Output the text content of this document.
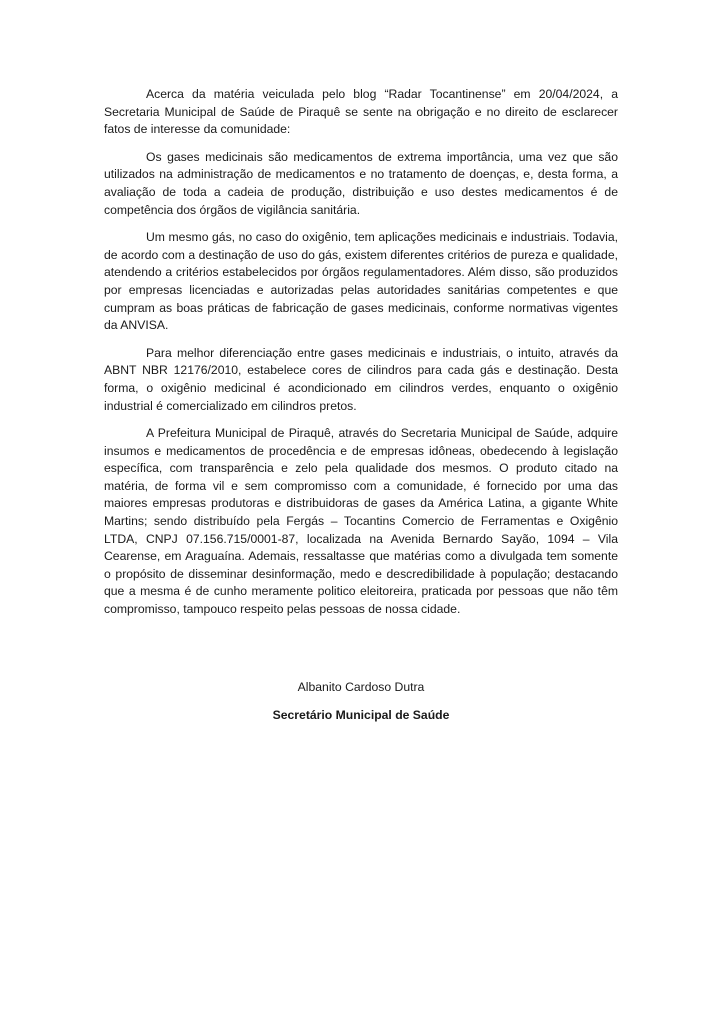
Acerca da matéria veiculada pelo blog “Radar Tocantinense” em 20/04/2024, a Secretaria Municipal de Saúde de Piraquê se sente na obrigação e no direito de esclarecer fatos de interesse da comunidade:

Os gases medicinais são medicamentos de extrema importância, uma vez que são utilizados na administração de medicamentos e no tratamento de doenças, e, desta forma, a avaliação de toda a cadeia de produção, distribuição e uso destes medicamentos é de competência dos órgãos de vigilância sanitária.

Um mesmo gás, no caso do oxigênio, tem aplicações medicinais e industriais. Todavia, de acordo com a destinação de uso do gás, existem diferentes critérios de pureza e qualidade, atendendo a critérios estabelecidos por órgãos regulamentadores. Além disso, são produzidos por empresas licenciadas e autorizadas pelas autoridades sanitárias competentes e que cumpram as boas práticas de fabricação de gases medicinais, conforme normativas vigentes da ANVISA.

Para melhor diferenciação entre gases medicinais e industriais, o intuito, através da ABNT NBR 12176/2010, estabelece cores de cilindros para cada gás e destinação. Desta forma, o oxigênio medicinal é acondicionado em cilindros verdes, enquanto o oxigênio industrial é comercializado em cilindros pretos.

A Prefeitura Municipal de Piraquê, através do Secretaria Municipal de Saúde, adquire insumos e medicamentos de procedência e de empresas idôneas, obedecendo à legislação específica, com transparência e zelo pela qualidade dos mesmos. O produto citado na matéria, de forma vil e sem compromisso com a comunidade, é fornecido por uma das maiores empresas produtoras e distribuidoras de gases da América Latina, a gigante White Martins; sendo distribuído pela Fergás – Tocantins Comercio de Ferramentas e Oxigênio LTDA, CNPJ 07.156.715/0001-87, localizada na Avenida Bernardo Sayão, 1094 – Vila Cearense, em Araguaína. Ademais, ressaltasse que matérias como a divulgada tem somente o propósito de disseminar desinformação, medo e descredibilidade à população; destacando que a mesma é de cunho meramente politico eleitoreira, praticada por pessoas que não têm compromisso, tampouco respeito pelas pessoas de nossa cidade.

Albanito Cardoso Dutra

Secretário Municipal de Saúde
